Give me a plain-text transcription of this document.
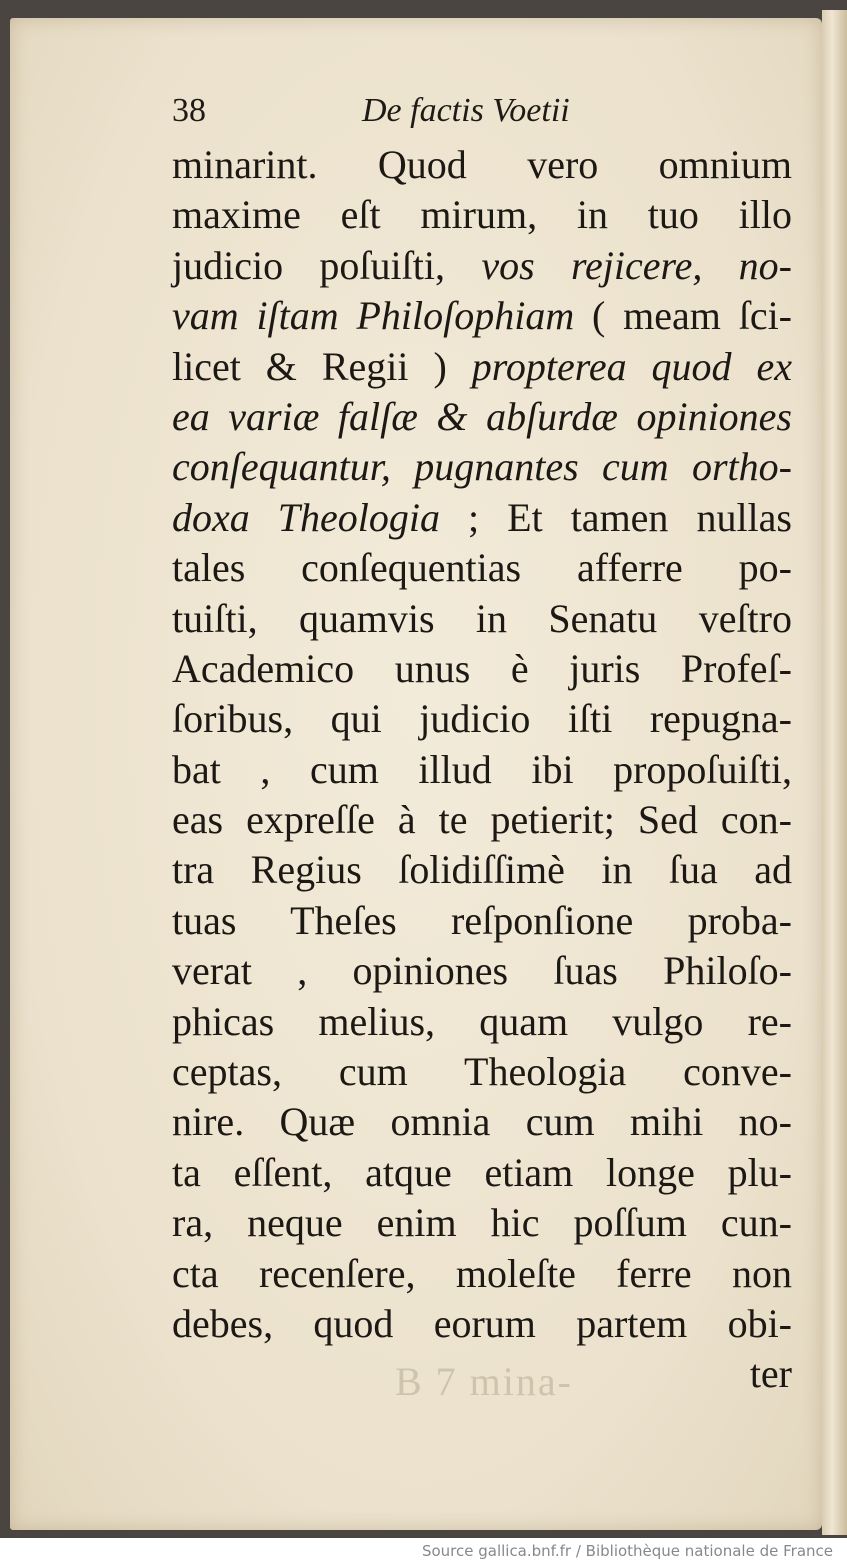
B 7 mina-
38	De factis Voetii
minarint. Quod vero omnium
maxime eſt mirum, in tuo illo
judicio poſuiſti, vos rejicere, no-
vam iſtam Philoſophiam ( meam ſci-
licet & Regii ) propterea quod ex
ea variæ falſæ & abſurdæ opiniones
conſequantur, pugnantes cum ortho-
doxa Theologia ; Et tamen nullas
tales conſequentias afferre po-
tuiſti, quamvis in Senatu veſtro
Academico unus è juris Profeſ-
ſoribus, qui judicio iſti repugna-
bat , cum illud ibi propoſuiſti,
eas expreſſe à te petierit; Sed con-
tra Regius ſolidiſſimè in ſua ad
tuas Theſes reſponſione proba-
verat , opiniones ſuas Philoſo-
phicas melius, quam vulgo re-
ceptas, cum Theologia conve-
nire. Quæ omnia cum mihi no-
ta eſſent, atque etiam longe plu-
ra, neque enim hic poſſum cun-
cta recenſere, moleſte ferre non
debes, quod eorum partem obi-
ter
Source gallica.bnf.fr / Bibliothèque nationale de France
